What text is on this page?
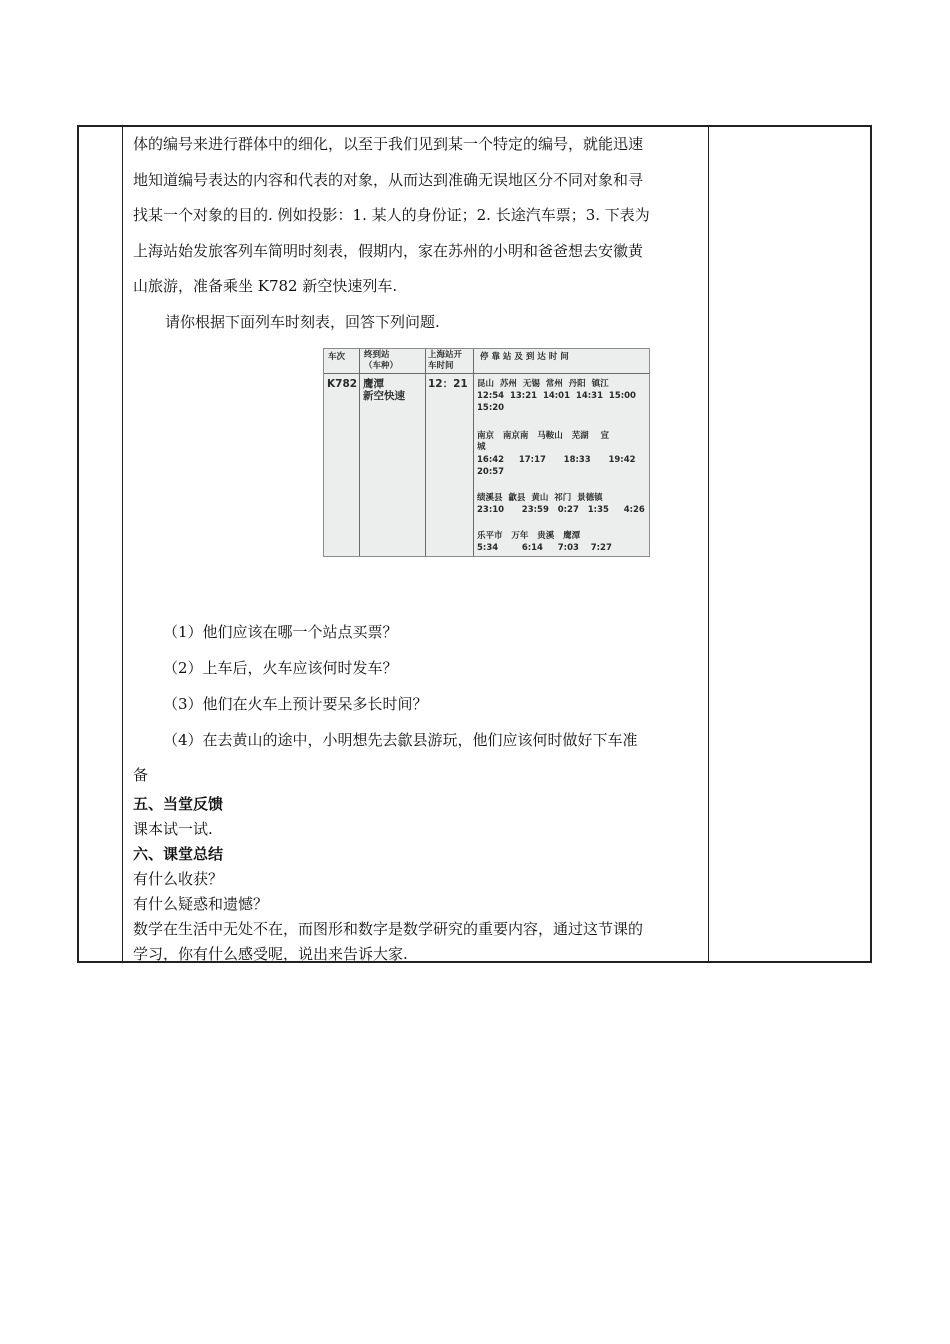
体的编号来进行群体中的细化，以至于我们见到某一个特定的编号，就能迅速

地知道编号表达的内容和代表的对象，从而达到准确无误地区分不同对象和寻

找某一个对象的目的. 例如投影：1. 某人的身份证；2. 长途汽车票；3. 下表为

上海站始发旅客列车简明时刻表，假期内，家在苏州的小明和爸爸想去安徽黄

山旅游，准备乘坐 K782 新空快速列车.

请你根据下面列车时刻表，回答下列问题.

车次 终到站
（车种）
上海站开
车时间
停 靠 站 及 到 达 时 间
K782 鹰潭
新空快速
12：21 昆山  苏州  无锡  常州  丹阳  镇江
12:54  13:21  14:01  14:31  15:00
15:20
南京   南京南   马鞍山   芜湖    宣
城
16:42     17:17      18:33      19:42
20:57
绩溪县  歙县  黄山  祁门  景德镇
23:10      23:59   0:27   1:35     4:26
乐平市   万年   贵溪   鹰潭
5:34        6:14     7:03    7:27

（1）他们应该在哪一个站点买票？

（2）上车后，火车应该何时发车？

（3）他们在火车上预计要呆多长时间？

（4）在去黄山的途中，小明想先去歙县游玩，他们应该何时做好下车准

备

五、当堂反馈

课本试一试.

六、课堂总结

有什么收获？

有什么疑惑和遗憾？

数学在生活中无处不在，而图形和数字是数学研究的重要内容，通过这节课的

学习，你有什么感受呢，说出来告诉大家.
